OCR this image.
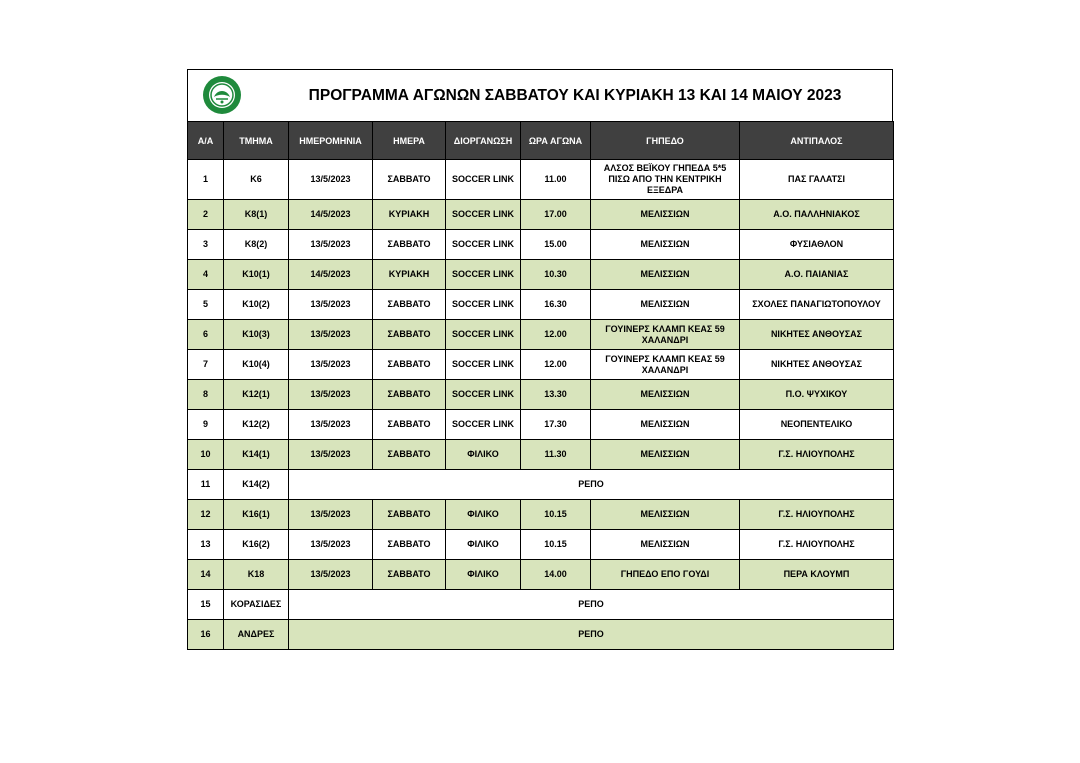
ΠΡΟΓΡΑΜΜΑ ΑΓΩΝΩΝ ΣΑΒΒΑΤΟΥ ΚΑΙ ΚΥΡΙΑΚΗ 13 ΚΑΙ 14 ΜΑΙΟΥ 2023
Α/Α	ΤΜΗΜΑ	ΗΜΕΡΟΜΗΝΙΑ	ΗΜΕΡΑ	ΔΙΟΡΓΑΝΩΣΗ	ΩΡΑ ΑΓΩΝΑ	ΓΗΠΕΔΟ	ΑΝΤΙΠΑΛΟΣ
1	Κ6	13/5/2023	ΣΑΒΒΑΤΟ	SOCCER LINK	11.00	ΑΛΣΟΣ ΒΕΪΚΟΥ ΓΗΠΕΔΑ 5*5 ΠΙΣΩ ΑΠΟ ΤΗΝ ΚΕΝΤΡΙΚΗ ΕΞΕΔΡΑ	ΠΑΣ ΓΑΛΑΤΣΙ
2	Κ8(1)	14/5/2023	ΚΥΡΙΑΚΗ	SOCCER LINK	17.00	ΜΕΛΙΣΣΙΩΝ	Α.Ο. ΠΑΛΛΗΝΙΑΚΟΣ
3	Κ8(2)	13/5/2023	ΣΑΒΒΑΤΟ	SOCCER LINK	15.00	ΜΕΛΙΣΣΙΩΝ	ΦΥΣΙΑΘΛΟΝ
4	Κ10(1)	14/5/2023	ΚΥΡΙΑΚΗ	SOCCER LINK	10.30	ΜΕΛΙΣΣΙΩΝ	Α.Ο. ΠΑΙΑΝΙΑΣ
5	Κ10(2)	13/5/2023	ΣΑΒΒΑΤΟ	SOCCER LINK	16.30	ΜΕΛΙΣΣΙΩΝ	ΣΧΟΛΕΣ ΠΑΝΑΓΙΩΤΟΠΟΥΛΟΥ
6	Κ10(3)	13/5/2023	ΣΑΒΒΑΤΟ	SOCCER LINK	12.00	ΓΟΥΙΝΕΡΣ ΚΛΑΜΠ ΚΕΑΣ 59 ΧΑΛΑΝΔΡΙ	ΝΙΚΗΤΕΣ ΑΝΘΟΥΣΑΣ
7	Κ10(4)	13/5/2023	ΣΑΒΒΑΤΟ	SOCCER LINK	12.00	ΓΟΥΙΝΕΡΣ ΚΛΑΜΠ ΚΕΑΣ 59 ΧΑΛΑΝΔΡΙ	ΝΙΚΗΤΕΣ ΑΝΘΟΥΣΑΣ
8	Κ12(1)	13/5/2023	ΣΑΒΒΑΤΟ	SOCCER LINK	13.30	ΜΕΛΙΣΣΙΩΝ	Π.Ο. ΨΥΧΙΚΟΥ
9	Κ12(2)	13/5/2023	ΣΑΒΒΑΤΟ	SOCCER LINK	17.30	ΜΕΛΙΣΣΙΩΝ	ΝΕΟΠΕΝΤΕΛΙΚΟ
10	Κ14(1)	13/5/2023	ΣΑΒΒΑΤΟ	ΦΙΛΙΚΟ	11.30	ΜΕΛΙΣΣΙΩΝ	Γ.Σ. ΗΛΙΟΥΠΟΛΗΣ
11	Κ14(2)	ΡΕΠΟ					
12	Κ16(1)	13/5/2023	ΣΑΒΒΑΤΟ	ΦΙΛΙΚΟ	10.15	ΜΕΛΙΣΣΙΩΝ	Γ.Σ. ΗΛΙΟΥΠΟΛΗΣ
13	Κ16(2)	13/5/2023	ΣΑΒΒΑΤΟ	ΦΙΛΙΚΟ	10.15	ΜΕΛΙΣΣΙΩΝ	Γ.Σ. ΗΛΙΟΥΠΟΛΗΣ
14	Κ18	13/5/2023	ΣΑΒΒΑΤΟ	ΦΙΛΙΚΟ	14.00	ΓΗΠΕΔΟ ΕΠΟ ΓΟΥΔΙ	ΠΕΡΑ ΚΛΟΥΜΠ
15	ΚΟΡΑΣΙΔΕΣ	ΡΕΠΟ					
16	ΑΝΔΡΕΣ	ΡΕΠΟ					
